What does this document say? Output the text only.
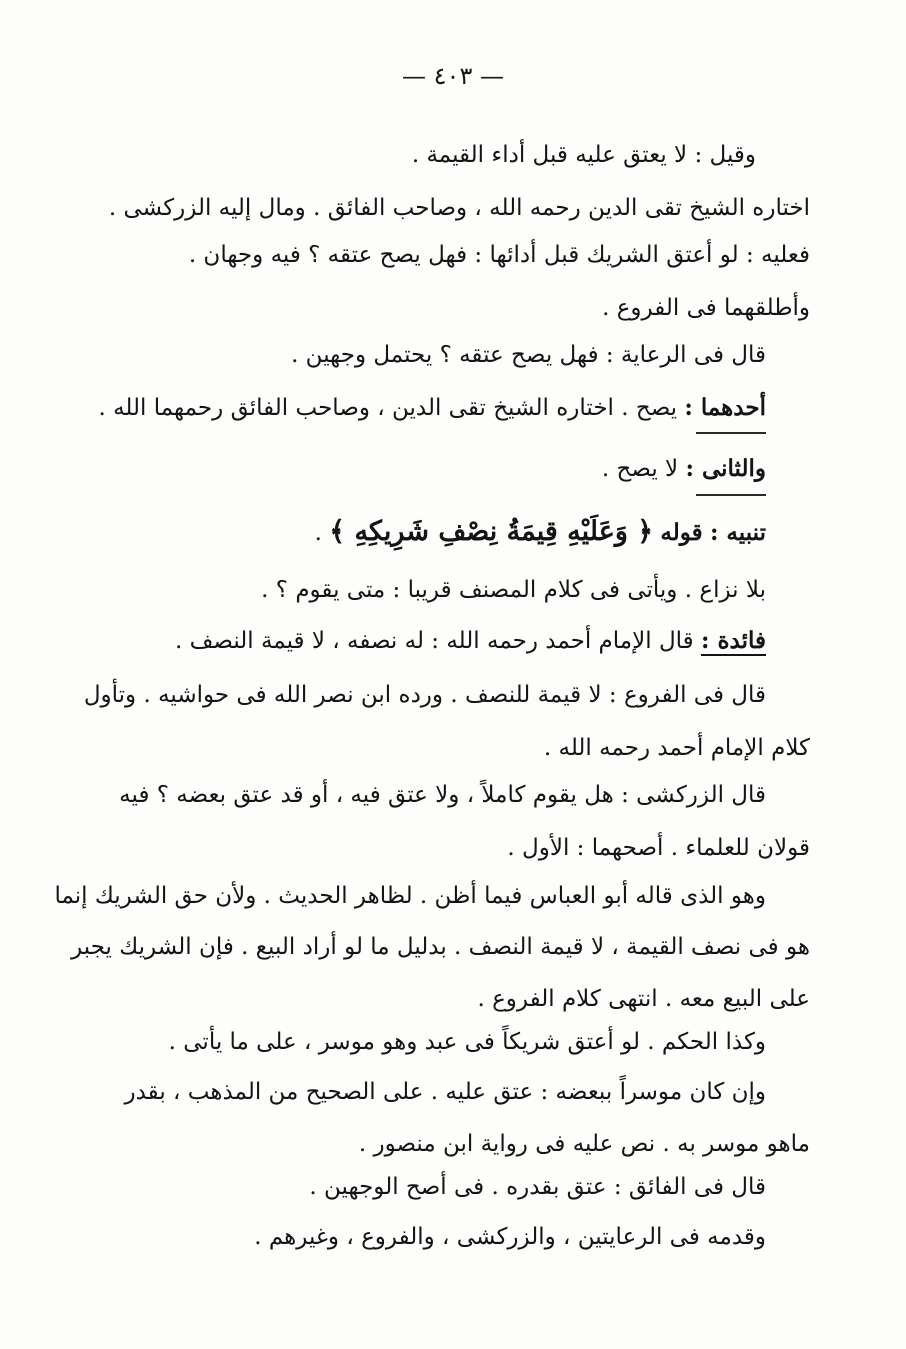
— ٤٠٣ —
وقيل : لا يعتق عليه قبل أداء القيمة .
اختاره الشيخ تقى الدين رحمه الله ، وصاحب الفائق . ومال إليه الزركشى .
فعليه : لو أعتق الشريك قبل أدائها : فهل يصح عتقه ؟ فيه وجهان .
وأطلقهما فى الفروع .
قال فى الرعاية : فهل يصح عتقه ؟ يحتمل وجهين .
أحدهما : يصح . اختاره الشيخ تقى الدين ، وصاحب الفائق رحمهما الله .
والثانى : لا يصح .
تنبيه : قوله ﴿ وَعَلَيْهِ قِيمَةُ نِصْفِ شَرِيكِهِ ﴾ .
بلا نزاع . ويأتى فى كلام المصنف قريبا : متى يقوم ؟ .
فائدة : قال الإمام أحمد رحمه الله : له نصفه ، لا قيمة النصف .
قال فى الفروع : لا قيمة للنصف . ورده ابن نصر الله فى حواشيه . وتأول
كلام الإمام أحمد رحمه الله .
قال الزركشى : هل يقوم كاملاً ، ولا عتق فيه ، أو قد عتق بعضه ؟ فيه
قولان للعلماء . أصحهما : الأول .
وهو الذى قاله أبو العباس فيما أظن . لظاهر الحديث . ولأن حق الشريك إنما
هو فى نصف القيمة ، لا قيمة النصف . بدليل ما لو أراد البيع . فإن الشريك يجبر
على البيع معه . انتهى كلام الفروع .
وكذا الحكم . لو أعتق شريكاً فى عبد وهو موسر ، على ما يأتى .
وإن كان موسراً ببعضه : عتق عليه . على الصحيح من المذهب ، بقدر
ماهو موسر به . نص عليه فى رواية ابن منصور .
قال فى الفائق : عتق بقدره . فى أصح الوجهين .
وقدمه فى الرعايتين ، والزركشى ، والفروع ، وغيرهم .
